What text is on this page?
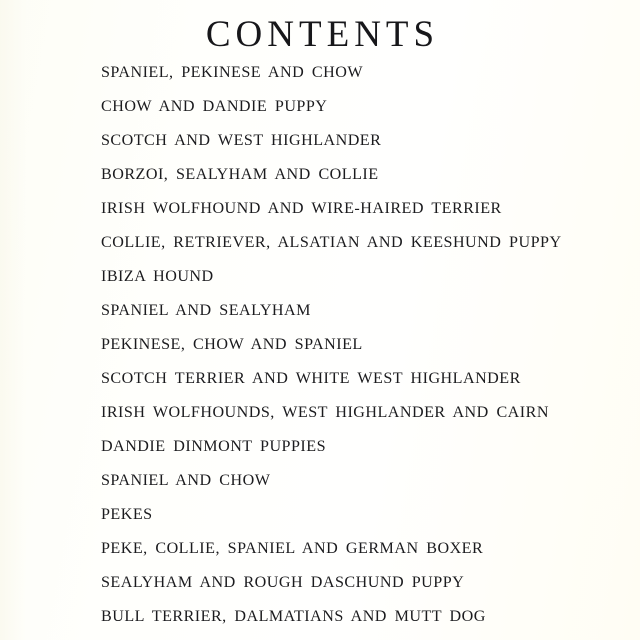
CONTENTS
SPANIEL, PEKINESE AND CHOW
CHOW AND DANDIE PUPPY
SCOTCH AND WEST HIGHLANDER
BORZOI, SEALYHAM AND COLLIE
IRISH WOLFHOUND AND WIRE-HAIRED TERRIER
COLLIE, RETRIEVER, ALSATIAN AND KEESHUND PUPPY
IBIZA HOUND
SPANIEL AND SEALYHAM
PEKINESE, CHOW AND SPANIEL
SCOTCH TERRIER AND WHITE WEST HIGHLANDER
IRISH WOLFHOUNDS, WEST HIGHLANDER AND CAIRN
DANDIE DINMONT PUPPIES
SPANIEL AND CHOW
PEKES
PEKE, COLLIE, SPANIEL AND GERMAN BOXER
SEALYHAM AND ROUGH DASCHUND PUPPY
BULL TERRIER, DALMATIANS AND MUTT DOG
